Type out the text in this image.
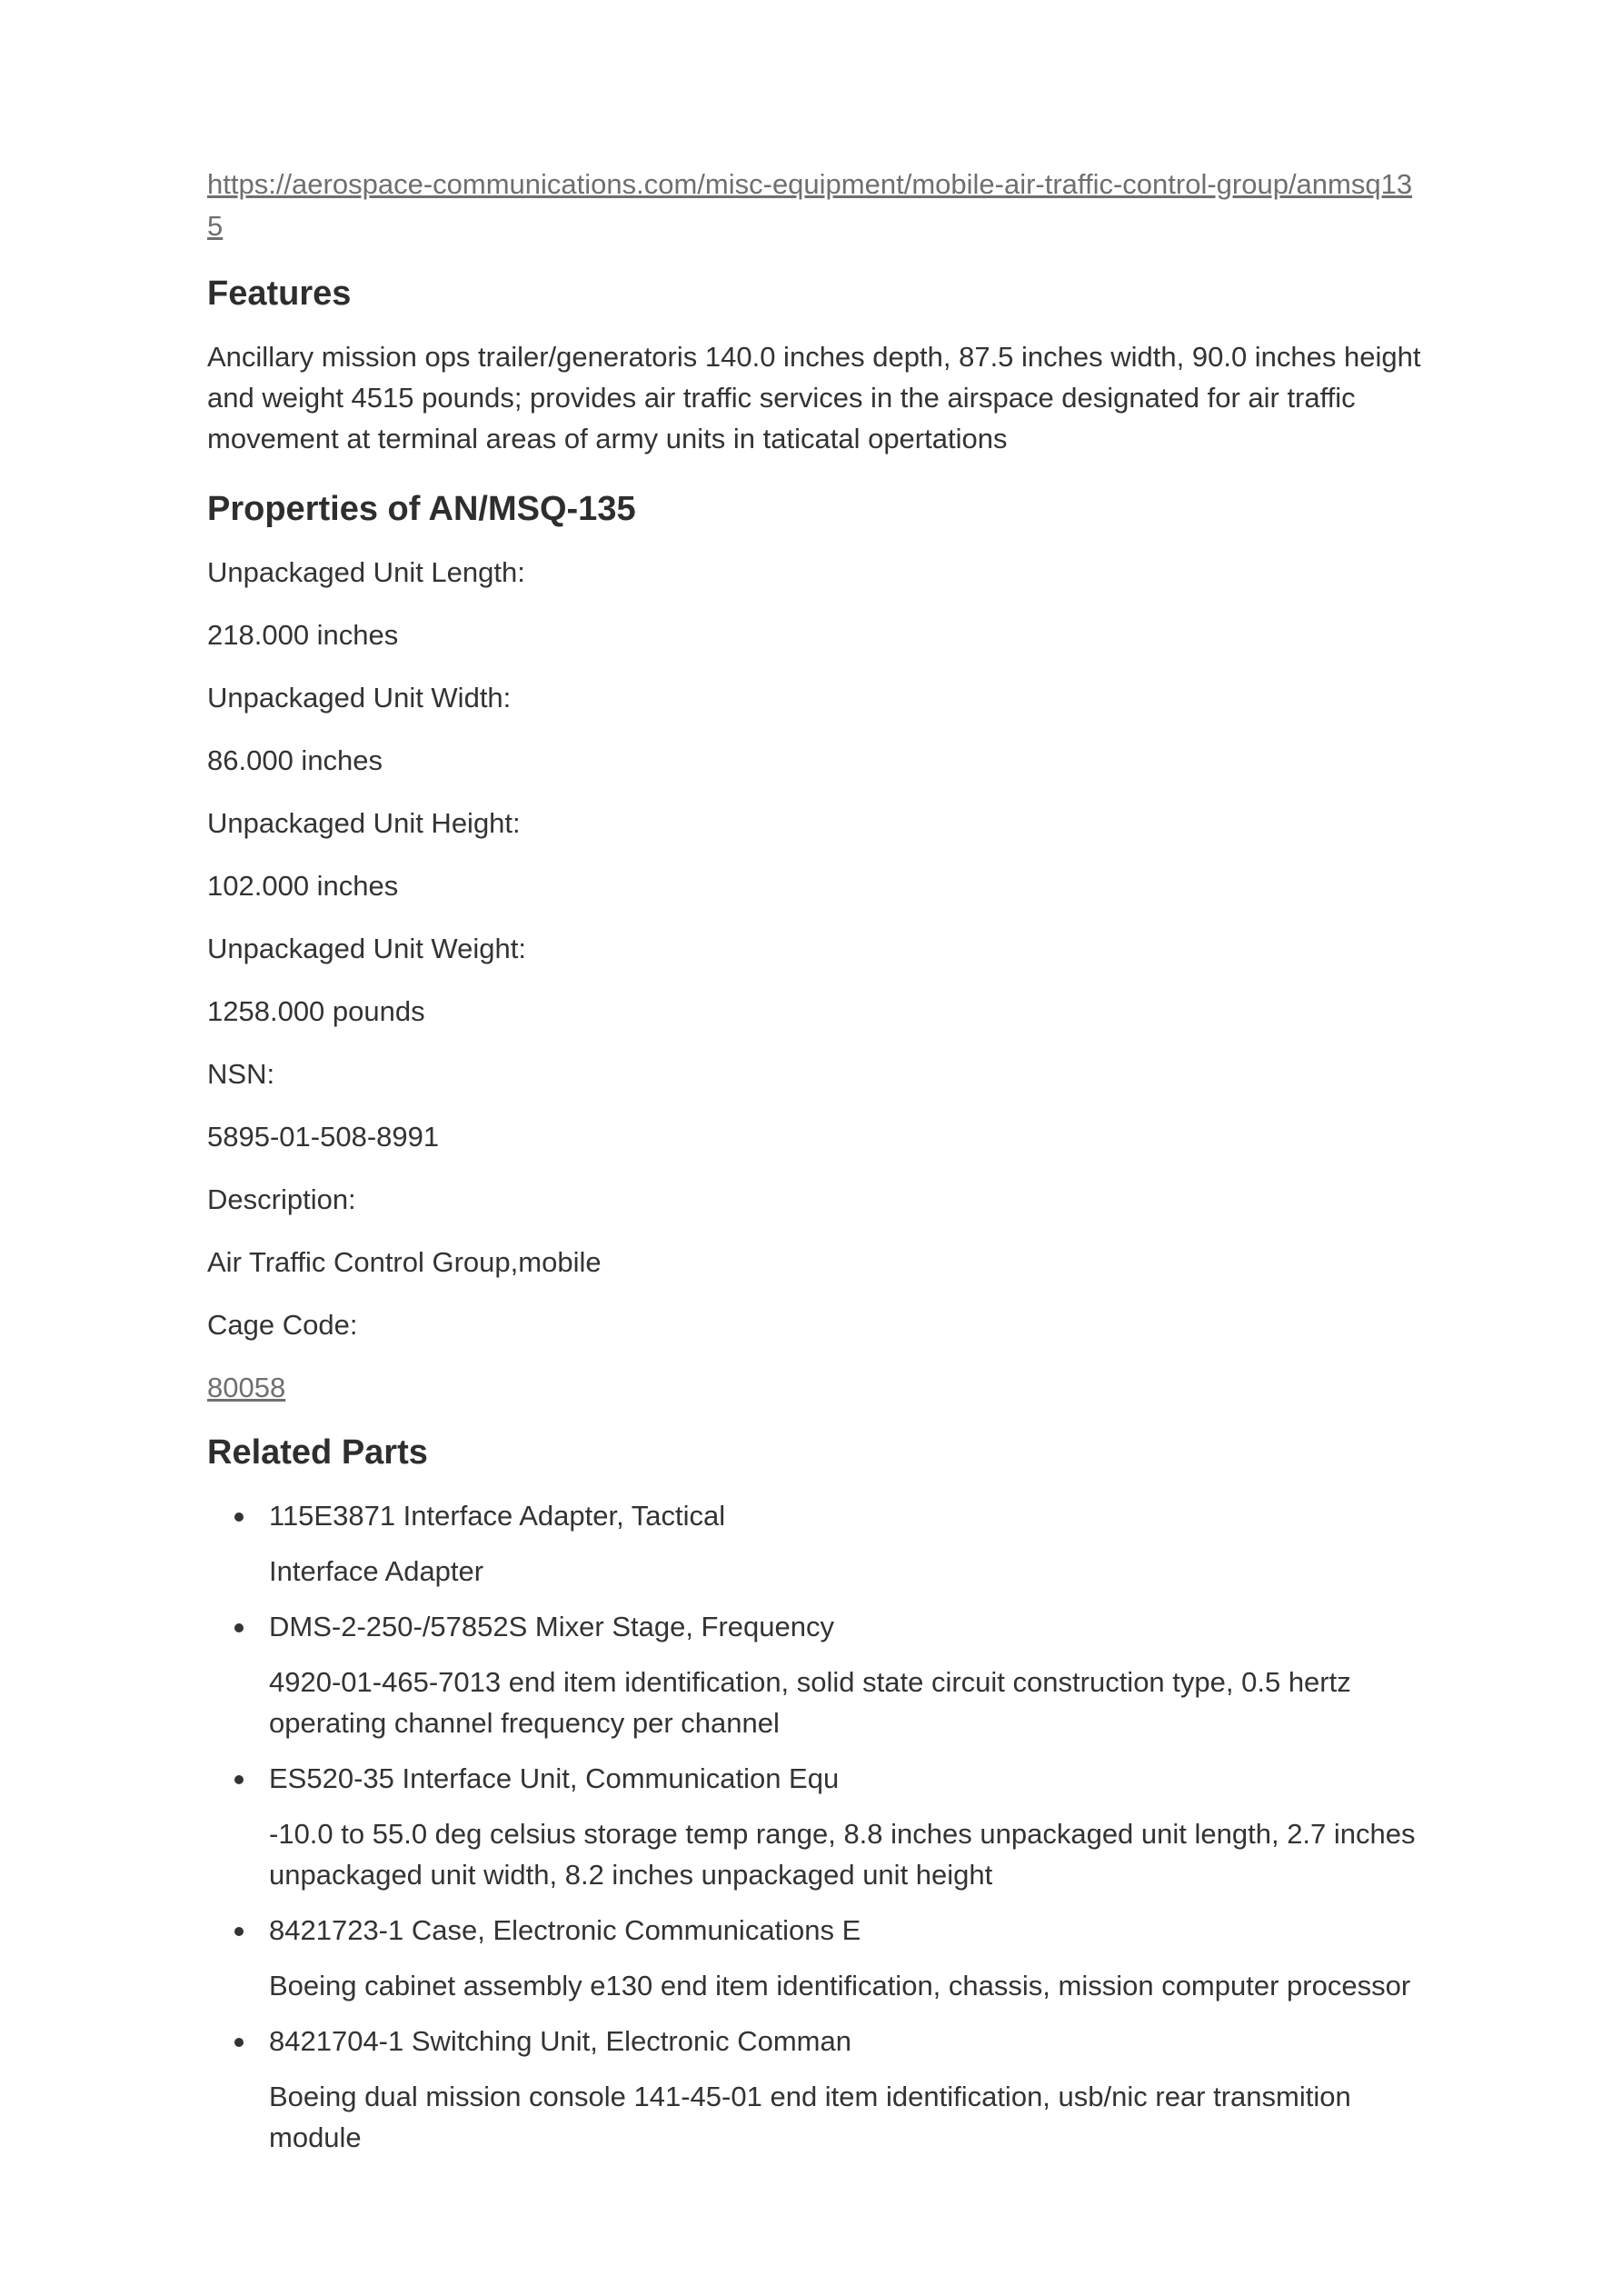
https://aerospace-communications.com/misc-equipment/mobile-air-traffic-control-group/anmsq135
Features

Ancillary mission ops trailer/generatoris 140.0 inches depth, 87.5 inches width, 90.0 inches height and weight 4515 pounds; provides air traffic services in the airspace designated for air traffic movement at terminal areas of army units in taticatal opertations

Properties of AN/MSQ-135

Unpackaged Unit Length:

218.000 inches

Unpackaged Unit Width:

86.000 inches

Unpackaged Unit Height:

102.000 inches

Unpackaged Unit Weight:

1258.000 pounds

NSN:

5895-01-508-8991

Description:

Air Traffic Control Group,mobile

Cage Code:

80058

Related Parts

115E3871 Interface Adapter, Tactical

Interface Adapter

DMS-2-250-/57852S Mixer Stage, Frequency

4920-01-465-7013 end item identification, solid state circuit construction type, 0.5 hertz operating channel frequency per channel

ES520-35 Interface Unit, Communication Equ

-10.0 to 55.0 deg celsius storage temp range, 8.8 inches unpackaged unit length, 2.7 inches unpackaged unit width, 8.2 inches unpackaged unit height

8421723-1 Case, Electronic Communications E

Boeing cabinet assembly e130 end item identification, chassis, mission computer processor

8421704-1 Switching Unit, Electronic Comman

Boeing dual mission console 141-45-01 end item identification, usb/nic rear transmition module
